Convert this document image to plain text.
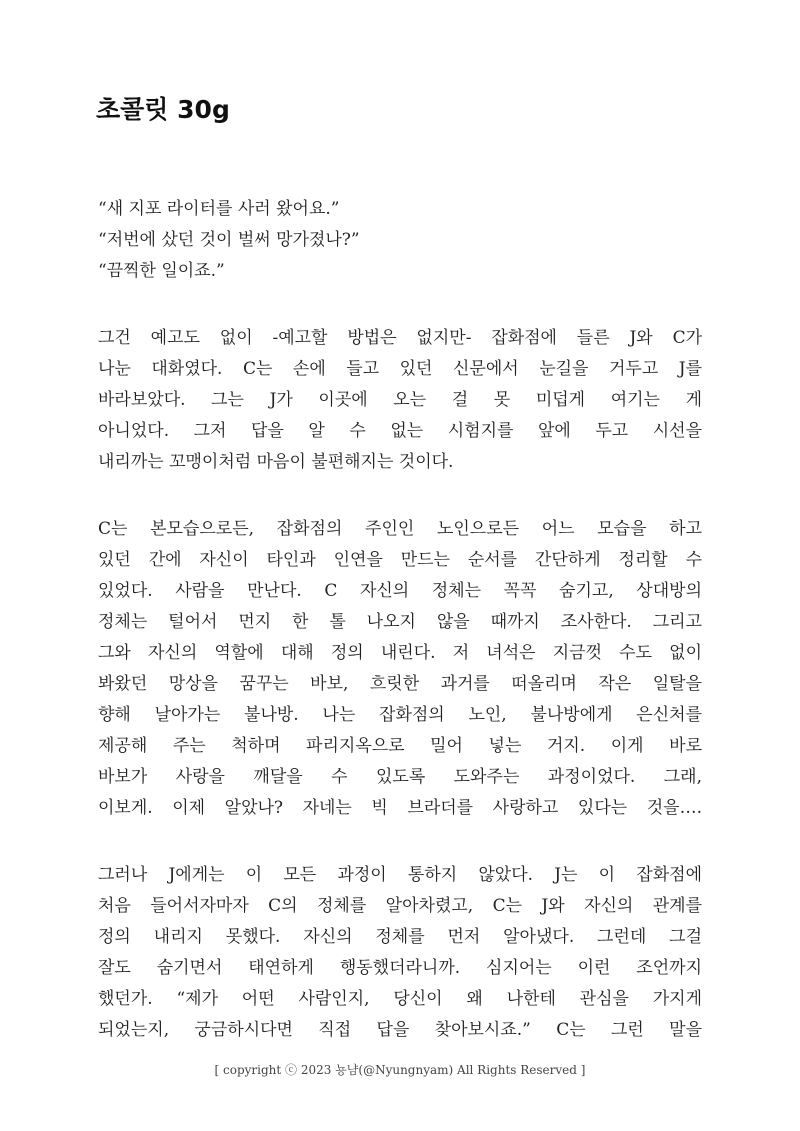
초콜릿 30g
“새 지포 라이터를 사러 왔어요.”
“저번에 샀던 것이 벌써 망가졌나?”
“끔찍한 일이죠.”
그건 예고도 없이 -예고할 방법은 없지만- 잡화점에 들른 J와 C가
나눈 대화였다. C는 손에 들고 있던 신문에서 눈길을 거두고 J를
바라보았다. 그는 J가 이곳에 오는 걸 못 미덥게 여기는 게
아니었다. 그저 답을 알 수 없는 시험지를 앞에 두고 시선을
내리까는 꼬맹이처럼 마음이 불편해지는 것이다.
C는 본모습으로든, 잡화점의 주인인 노인으로든 어느 모습을 하고
있던 간에 자신이 타인과 인연을 만드는 순서를 간단하게 정리할 수
있었다. 사람을 만난다. C 자신의 정체는 꼭꼭 숨기고, 상대방의
정체는 털어서 먼지 한 톨 나오지 않을 때까지 조사한다. 그리고
그와 자신의 역할에 대해 정의 내린다. 저 녀석은 지금껏 수도 없이
봐왔던 망상을 꿈꾸는 바보, 흐릿한 과거를 떠올리며 작은 일탈을
향해 날아가는 불나방. 나는 잡화점의 노인, 불나방에게 은신처를
제공해 주는 척하며 파리지옥으로 밀어 넣는 거지. 이게 바로
바보가 사랑을 깨달을 수 있도록 도와주는 과정이었다. 그래,
이보게. 이제 알았나? 자네는 빅 브라더를 사랑하고 있다는 것을….
그러나 J에게는 이 모든 과정이 통하지 않았다. J는 이 잡화점에
처음 들어서자마자 C의 정체를 알아차렸고, C는 J와 자신의 관계를
정의 내리지 못했다. 자신의 정체를 먼저 알아냈다. 그런데 그걸
잘도 숨기면서 태연하게 행동했더라니까. 심지어는 이런 조언까지
했던가. “제가 어떤 사람인지, 당신이 왜 나한테 관심을 가지게
되었는지, 궁금하시다면 직접 답을 찾아보시죠.” C는 그런 말을
[ copyright ⓒ 2023 뇽냠(@Nyungnyam) All Rights Reserved ]
